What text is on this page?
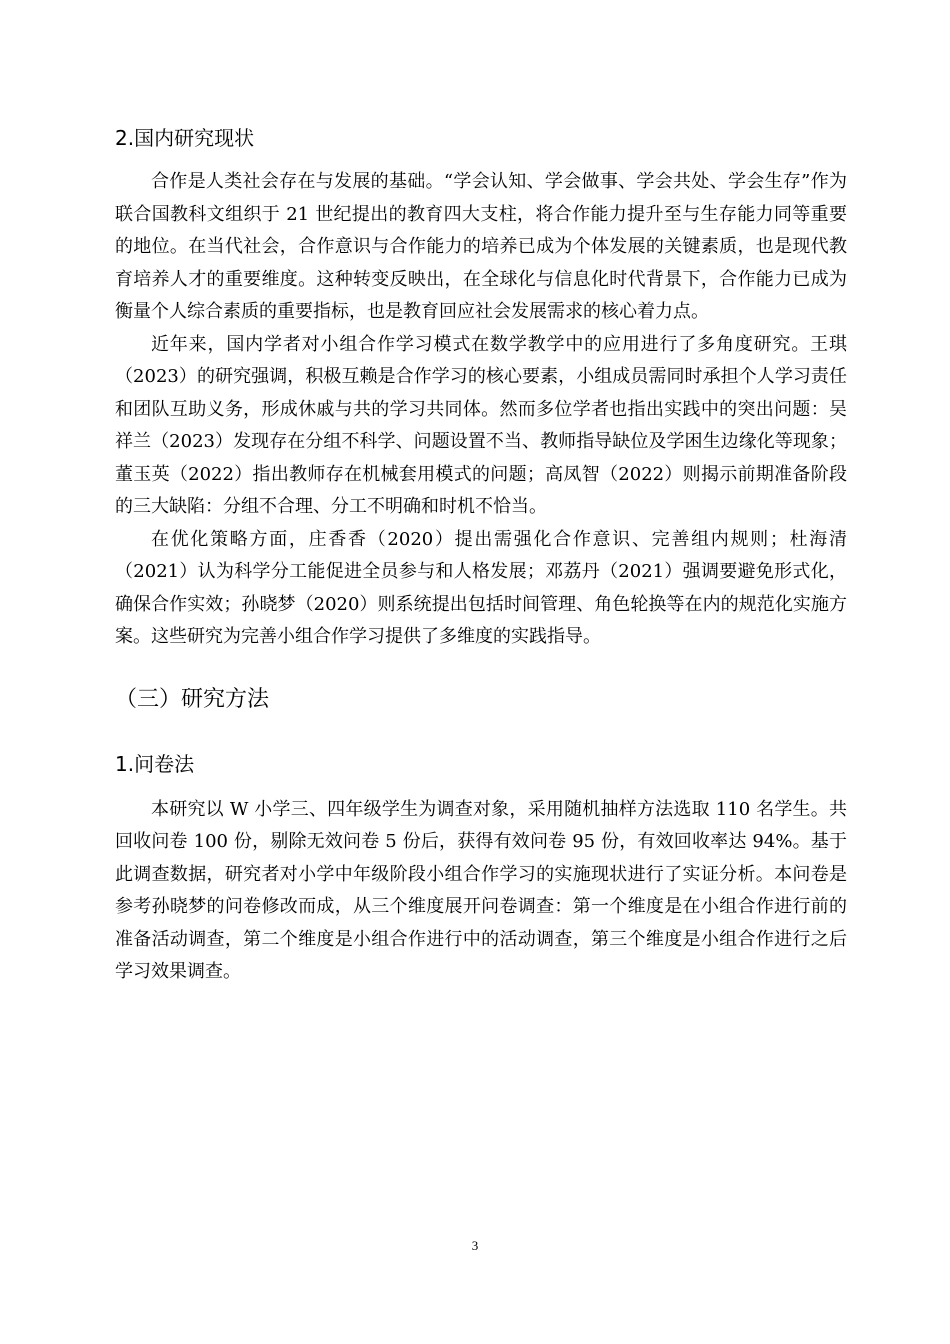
2.国内研究现状

合作是人类社会存在与发展的基础。“学会认知、学会做事、学会共处、学会生存”作为联合国教科文组织于 21 世纪提出的教育四大支柱，将合作能力提升至与生存能力同等重要的地位。在当代社会，合作意识与合作能力的培养已成为个体发展的关键素质，也是现代教育培养人才的重要维度。这种转变反映出，在全球化与信息化时代背景下，合作能力已成为衡量个人综合素质的重要指标，也是教育回应社会发展需求的核心着力点。

近年来，国内学者对小组合作学习模式在数学教学中的应用进行了多角度研究。王琪（2023）的研究强调，积极互赖是合作学习的核心要素，小组成员需同时承担个人学习责任和团队互助义务，形成休戚与共的学习共同体。然而多位学者也指出实践中的突出问题：吴祥兰（2023）发现存在分组不科学、问题设置不当、教师指导缺位及学困生边缘化等现象；董玉英（2022）指出教师存在机械套用模式的问题；高凤智（2022）则揭示前期准备阶段的三大缺陷：分组不合理、分工不明确和时机不恰当。

在优化策略方面，庄香香（2020）提出需强化合作意识、完善组内规则；杜海清（2021）认为科学分工能促进全员参与和人格发展；邓荔丹（2021）强调要避免形式化，确保合作实效；孙晓梦（2020）则系统提出包括时间管理、角色轮换等在内的规范化实施方案。这些研究为完善小组合作学习提供了多维度的实践指导。

（三）研究方法
1.问卷法

本研究以 W 小学三、四年级学生为调查对象，采用随机抽样方法选取 110 名学生。共回收问卷 100 份，剔除无效问卷 5 份后，获得有效问卷 95 份，有效回收率达 94%。基于此调查数据，研究者对小学中年级阶段小组合作学习的实施现状进行了实证分析。本问卷是参考孙晓梦的问卷修改而成，从三个维度展开问卷调查：第一个维度是在小组合作进行前的准备活动调查，第二个维度是小组合作进行中的活动调查，第三个维度是小组合作进行之后学习效果调查。

3
